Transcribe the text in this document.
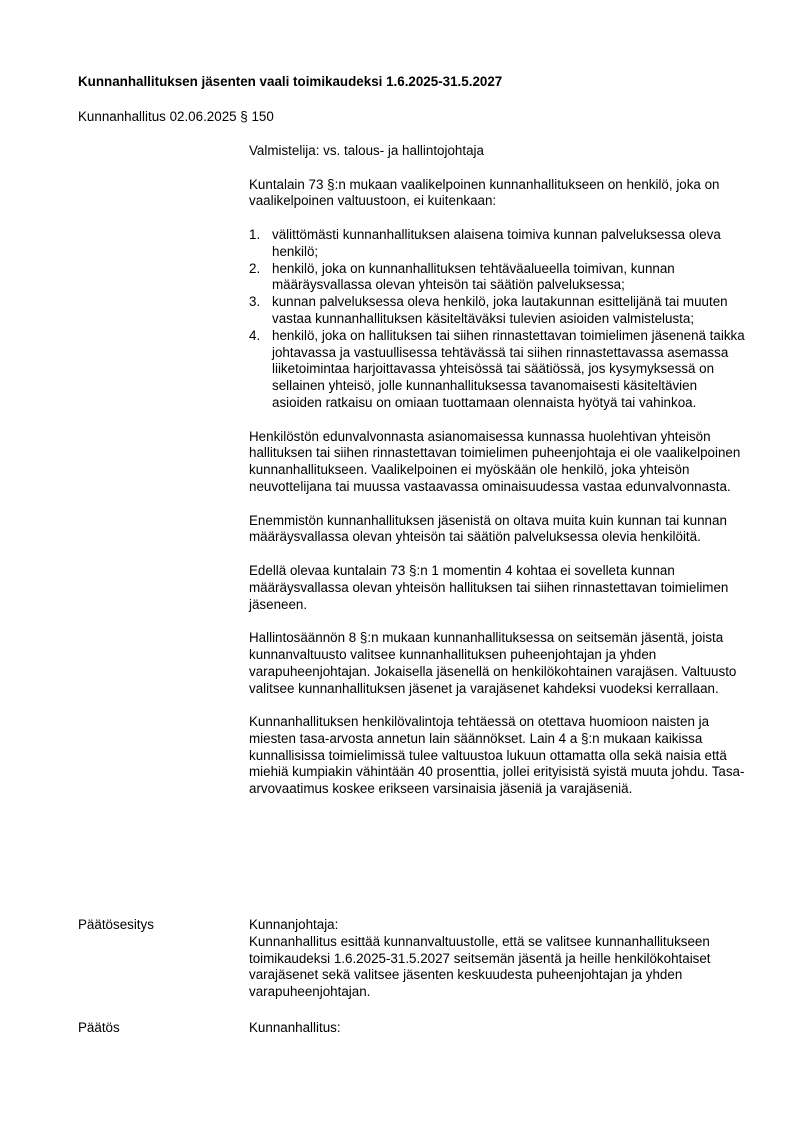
Kunnanhallituksen jäsenten vaali toimikaudeksi 1.6.2025-31.5.2027
Kunnanhallitus 02.06.2025 § 150

Valmistelija: vs. talous- ja hallintojohtaja

Kuntalain 73 §:n mukaan vaalikelpoinen kunnanhallitukseen on henkilö, joka on vaalikelpoinen valtuustoon, ei kuitenkaan:

1. välittömästi kunnanhallituksen alaisena toimiva kunnan palveluksessa oleva henkilö;
2. henkilö, joka on kunnanhallituksen tehtäväalueella toimivan, kunnan määräysvallassa olevan yhteisön tai säätiön palveluksessa;
3. kunnan palveluksessa oleva henkilö, joka lautakunnan esittelijänä tai muuten vastaa kunnanhallituksen käsiteltäväksi tulevien asioiden valmistelusta;
4. henkilö, joka on hallituksen tai siihen rinnastettavan toimielimen jäsenenä taikka johtavassa ja vastuullisessa tehtävässä tai siihen rinnastettavassa asemassa liiketoimintaa harjoittavassa yhteisössä tai säätiössä, jos kysymyksessä on sellainen yhteisö, jolle kunnanhallituksessa tavanomaisesti käsiteltävien asioiden ratkaisu on omiaan tuottamaan olennaista hyötyä tai vahinkoa.

Henkilöstön edunvalvonnasta asianomaisessa kunnassa huolehtivan yhteisön hallituksen tai siihen rinnastettavan toimielimen puheenjohtaja ei ole vaalikelpoinen kunnanhallitukseen. Vaalikelpoinen ei myöskään ole henkilö, joka yhteisön neuvottelijana tai muussa vastaavassa ominaisuudessa vastaa edunvalvonnasta.

Enemmistön kunnanhallituksen jäsenistä on oltava muita kuin kunnan tai kunnan määräysvallassa olevan yhteisön tai säätiön palveluksessa olevia henkilöitä.

Edellä olevaa kuntalain 73 §:n 1 momentin 4 kohtaa ei sovelleta kunnan määräysvallassa olevan yhteisön hallituksen tai siihen rinnastettavan toimielimen jäseneen.

Hallintosäännön 8 §:n mukaan kunnanhallituksessa on seitsemän jäsentä, joista kunnanvaltuusto valitsee kunnanhallituksen puheenjohtajan ja yhden varapuheenjohtajan. Jokaisella jäsenellä on henkilökohtainen varajäsen. Valtuusto valitsee kunnanhallituksen jäsenet ja varajäsenet kahdeksi vuodeksi kerrallaan.

Kunnanhallituksen henkilövalintoja tehtäessä on otettava huomioon naisten ja miesten tasa-arvosta annetun lain säännökset. Lain 4 a §:n mukaan kaikissa kunnallisissa toimielimissä tulee valtuustoa lukuun ottamatta olla sekä naisia että miehiä kumpiakin vähintään 40 prosenttia, jollei erityisistä syistä muuta johdu. Tasa-arvovaatimus koskee erikseen varsinaisia jäseniä ja varajäseniä.

Päätösesitys	Kunnanjohtaja:
Kunnanhallitus esittää kunnanvaltuustolle, että se valitsee kunnanhallitukseen toimikaudeksi 1.6.2025-31.5.2027 seitsemän jäsentä ja heille henkilökohtaiset varajäsenet sekä valitsee jäsenten keskuudesta puheenjohtajan ja yhden varapuheenjohtajan.
Päätös	Kunnanhallitus:
